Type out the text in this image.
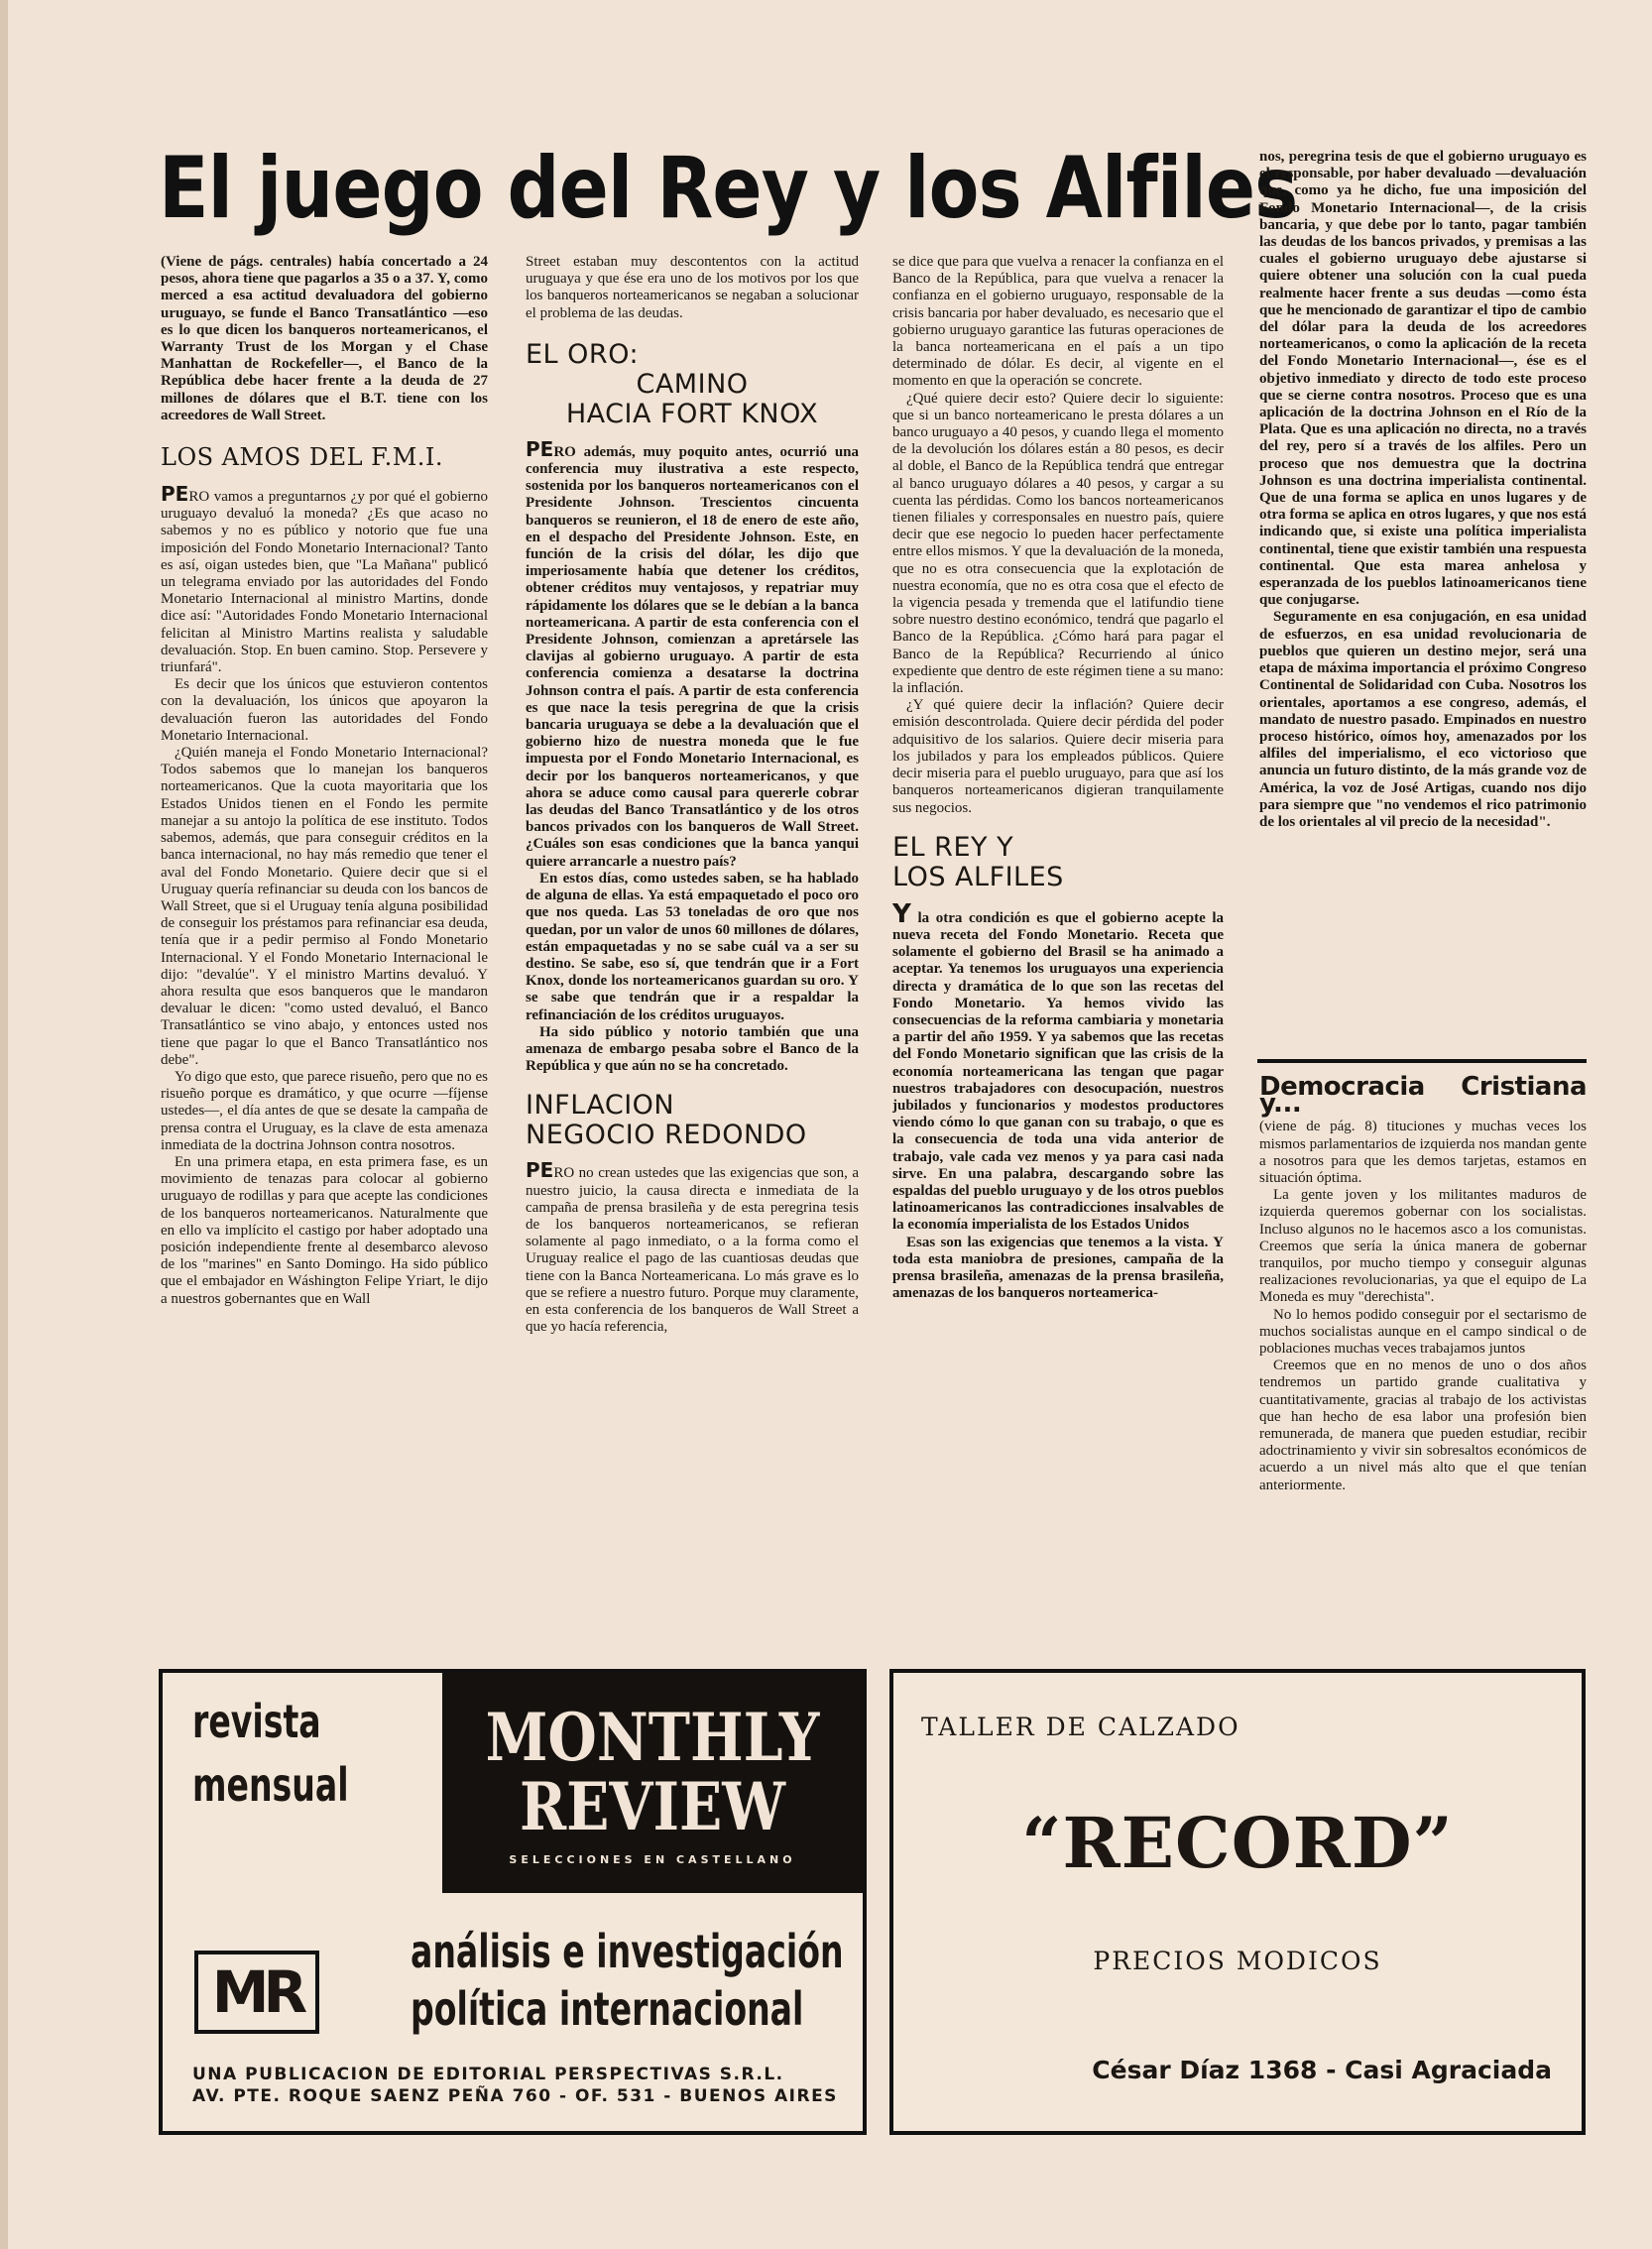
El juego del Rey y los Alfiles

(Viene de págs. centrales) había concertado a 24 pesos, ahora tiene que pagarlos a 35 o a 37. Y, como merced a esa actitud devaluadora del gobierno uruguayo, se funde el Banco Transatlántico —eso es lo que dicen los banqueros norteamericanos, el Warranty Trust de los Morgan y el Chase Manhattan de Rockefeller—, el Banco de la República debe hacer frente a la deuda de 27 millones de dólares que el B.T. tiene con los acreedores de Wall Street.

LOS AMOS DEL F.M.I.

PERO vamos a preguntarnos ¿y por qué el gobierno uruguayo devaluó la moneda? ¿Es que acaso no sabemos y no es público y notorio que fue una imposición del Fondo Monetario Internacional? Tanto es así, oigan ustedes bien, que "La Mañana" publicó un telegrama enviado por las autoridades del Fondo Monetario Internacional al ministro Martins, donde dice así: "Autoridades Fondo Monetario Internacional felicitan al Ministro Martins realista y saludable devaluación. Stop. En buen camino. Stop. Persevere y triunfará".

Es decir que los únicos que estuvieron contentos con la devaluación, los únicos que apoyaron la devaluación fueron las autoridades del Fondo Monetario Internacional.

¿Quién maneja el Fondo Monetario Internacional? Todos sabemos que lo manejan los banqueros norteamericanos. Que la cuota mayoritaria que los Estados Unidos tienen en el Fondo les permite manejar a su antojo la política de ese instituto. Todos sabemos, además, que para conseguir créditos en la banca internacional, no hay más remedio que tener el aval del Fondo Monetario. Quiere decir que si el Uruguay quería refinanciar su deuda con los bancos de Wall Street, que si el Uruguay tenía alguna posibilidad de conseguir los préstamos para refinanciar esa deuda, tenía que ir a pedir permiso al Fondo Monetario Internacional. Y el Fondo Monetario Internacional le dijo: "devalúe". Y el ministro Martins devaluó. Y ahora resulta que esos banqueros que le mandaron devaluar le dicen: "como usted devaluó, el Banco Transatlántico se vino abajo, y entonces usted nos tiene que pagar lo que el Banco Transatlántico nos debe".

Yo digo que esto, que parece risueño, pero que no es risueño porque es dramático, y que ocurre —fíjense ustedes—, el día antes de que se desate la campaña de prensa contra el Uruguay, es la clave de esta amenaza inmediata de la doctrina Johnson contra nosotros.

En una primera etapa, en esta primera fase, es un movimiento de tenazas para colocar al gobierno uruguayo de rodillas y para que acepte las condiciones de los banqueros norteamericanos. Naturalmente que en ello va implícito el castigo por haber adoptado una posición independiente frente al desembarco alevoso de los "marines" en Santo Domingo. Ha sido público que el embajador en Wáshington Felipe Yriart, le dijo a nuestros gobernantes que en Wall

Street estaban muy descontentos con la actitud uruguaya y que ése era uno de los motivos por los que los banqueros norteamericanos se negaban a solucionar el problema de las deudas.

EL ORO:
CAMINO
HACIA FORT KNOX

PERO además, muy poquito antes, ocurrió una conferencia muy ilustrativa a este respecto, sostenida por los banqueros norteamericanos con el Presidente Johnson. Trescientos cincuenta banqueros se reunieron, el 18 de enero de este año, en el despacho del Presidente Johnson. Este, en función de la crisis del dólar, les dijo que imperiosamente había que detener los créditos, obtener créditos muy ventajosos, y repatriar muy rápidamente los dólares que se le debían a la banca norteamericana. A partir de esta conferencia con el Presidente Johnson, comienzan a apretársele las clavijas al gobierno uruguayo. A partir de esta conferencia comienza a desatarse la doctrina Johnson contra el país. A partir de esta conferencia es que nace la tesis peregrina de que la crisis bancaria uruguaya se debe a la devaluación que el gobierno hizo de nuestra moneda que le fue impuesta por el Fondo Monetario Internacional, es decir por los banqueros norteamericanos, y que ahora se aduce como causal para quererle cobrar las deudas del Banco Transatlántico y de los otros bancos privados con los banqueros de Wall Street. ¿Cuáles son esas condiciones que la banca yanqui quiere arrancarle a nuestro país?

En estos días, como ustedes saben, se ha hablado de alguna de ellas. Ya está empaquetado el poco oro que nos queda. Las 53 toneladas de oro que nos quedan, por un valor de unos 60 millones de dólares, están empaquetadas y no se sabe cuál va a ser su destino. Se sabe, eso sí, que tendrán que ir a Fort Knox, donde los norteamericanos guardan su oro. Y se sabe que tendrán que ir a respaldar la refinanciación de los créditos uruguayos.

Ha sido público y notorio también que una amenaza de embargo pesaba sobre el Banco de la República y que aún no se ha concretado.

INFLACION
NEGOCIO REDONDO

PERO no crean ustedes que las exigencias que son, a nuestro juicio, la causa directa e inmediata de la campaña de prensa brasileña y de esta peregrina tesis de los banqueros norteamericanos, se refieran solamente al pago inmediato, o a la forma como el Uruguay realice el pago de las cuantiosas deudas que tiene con la Banca Norteamericana. Lo más grave es lo que se refiere a nuestro futuro. Porque muy claramente, en esta conferencia de los banqueros de Wall Street a que yo hacía referencia,

se dice que para que vuelva a renacer la confianza en el Banco de la República, para que vuelva a renacer la confianza en el gobierno uruguayo, responsable de la crisis bancaria por haber devaluado, es necesario que el gobierno uruguayo garantice las futuras operaciones de la banca norteamericana en el país a un tipo determinado de dólar. Es decir, al vigente en el momento en que la operación se concrete.

¿Qué quiere decir esto? Quiere decir lo siguiente: que si un banco norteamericano le presta dólares a un banco uruguayo a 40 pesos, y cuando llega el momento de la devolución los dólares están a 80 pesos, es decir al doble, el Banco de la República tendrá que entregar al banco uruguayo dólares a 40 pesos, y cargar a su cuenta las pérdidas. Como los bancos norteamericanos tienen filiales y corresponsales en nuestro país, quiere decir que ese negocio lo pueden hacer perfectamente entre ellos mismos. Y que la devaluación de la moneda, que no es otra consecuencia que la explotación de nuestra economía, que no es otra cosa que el efecto de la vigencia pesada y tremenda que el latifundio tiene sobre nuestro destino económico, tendrá que pagarlo el Banco de la República. ¿Cómo hará para pagar el Banco de la República? Recurriendo al único expediente que dentro de este régimen tiene a su mano: la inflación.

¿Y qué quiere decir la inflación? Quiere decir emisión descontrolada. Quiere decir pérdida del poder adquisitivo de los salarios. Quiere decir miseria para los jubilados y para los empleados públicos. Quiere decir miseria para el pueblo uruguayo, para que así los banqueros norteamericanos digieran tranquilamente sus negocios.

EL REY Y
LOS ALFILES

Y la otra condición es que el gobierno acepte la nueva receta del Fondo Monetario. Receta que solamente el gobierno del Brasil se ha animado a aceptar. Ya tenemos los uruguayos una experiencia directa y dramática de lo que son las recetas del Fondo Monetario. Ya hemos vivido las consecuencias de la reforma cambiaria y monetaria a partir del año 1959. Y ya sabemos que las recetas del Fondo Monetario significan que las crisis de la economía norteamericana las tengan que pagar nuestros trabajadores con desocupación, nuestros jubilados y funcionarios y modestos productores viendo cómo lo que ganan con su trabajo, o que es la consecuencia de toda una vida anterior de trabajo, vale cada vez menos y ya para casi nada sirve. En una palabra, descargando sobre las espaldas del pueblo uruguayo y de los otros pueblos latinoamericanos las contradicciones insalvables de la economía imperialista de los Estados Unidos

Esas son las exigencias que tenemos a la vista. Y toda esta maniobra de presiones, campaña de la prensa brasileña, amenazas de la prensa brasileña, amenazas de los banqueros norteamerica-

nos, peregrina tesis de que el gobierno uruguayo es el responsable, por haber devaluado —devaluación que, como ya he dicho, fue una imposición del Fondo Monetario Internacional—, de la crisis bancaria, y que debe por lo tanto, pagar también las deudas de los bancos privados, y premisas a las cuales el gobierno uruguayo debe ajustarse si quiere obtener una solución con la cual pueda realmente hacer frente a sus deudas —como ésta que he mencionado de garantizar el tipo de cambio del dólar para la deuda de los acreedores norteamericanos, o como la aplicación de la receta del Fondo Monetario Internacional—, ése es el objetivo inmediato y directo de todo este proceso que se cierne contra nosotros. Proceso que es una aplicación de la doctrina Johnson en el Río de la Plata. Que es una aplicación no directa, no a través del rey, pero sí a través de los alfiles. Pero un proceso que nos demuestra que la doctrina Johnson es una doctrina imperialista continental. Que de una forma se aplica en unos lugares y de otra forma se aplica en otros lugares, y que nos está indicando que, si existe una política imperialista continental, tiene que existir también una respuesta continental. Que esta marea anhelosa y esperanzada de los pueblos latinoamericanos tiene que conjugarse.

Seguramente en esa conjugación, en esa unidad de esfuerzos, en esa unidad revolucionaria de pueblos que quieren un destino mejor, será una etapa de máxima importancia el próximo Congreso Continental de Solidaridad con Cuba. Nosotros los orientales, aportamos a ese congreso, además, el mandato de nuestro pasado. Empinados en nuestro proceso histórico, oímos hoy, amenazados por los alfiles del imperialismo, el eco victorioso que anuncia un futuro distinto, de la más grande voz de América, la voz de José Artigas, cuando nos dijo para siempre que "no vendemos el rico patrimonio de los orientales al vil precio de la necesidad".

Democracia Cristiana y...

(viene de pág. 8) tituciones y muchas veces los mismos parlamentarios de izquierda nos mandan gente a nosotros para que les demos tarjetas, estamos en situación óptima.

La gente joven y los militantes maduros de izquierda queremos gobernar con los socialistas. Incluso algunos no le hacemos asco a los comunistas. Creemos que sería la única manera de gobernar tranquilos, por mucho tiempo y conseguir algunas realizaciones revolucionarias, ya que el equipo de La Moneda es muy "derechista".

No lo hemos podido conseguir por el sectarismo de muchos socialistas aunque en el campo sindical o de poblaciones muchas veces trabajamos juntos

Creemos que en no menos de uno o dos años tendremos un partido grande cualitativa y cuantitativamente, gracias al trabajo de los activistas que han hecho de esa labor una profesión bien remunerada, de manera que pueden estudiar, recibir adoctrinamiento y vivir sin sobresaltos económicos de acuerdo a un nivel más alto que el que tenían anteriormente.

revista
mensual
MONTHLY
REVIEW
SELECCIONES EN CASTELLANO
MR
análisis e investigación
política internacional
UNA PUBLICACION DE EDITORIAL PERSPECTIVAS S.R.L.
AV. PTE. ROQUE SAENZ PEÑA 760 - OF. 531 - BUENOS AIRES
TALLER DE CALZADO
“RECORD”
PRECIOS MODICOS
César Díaz 1368 - Casi Agraciada
